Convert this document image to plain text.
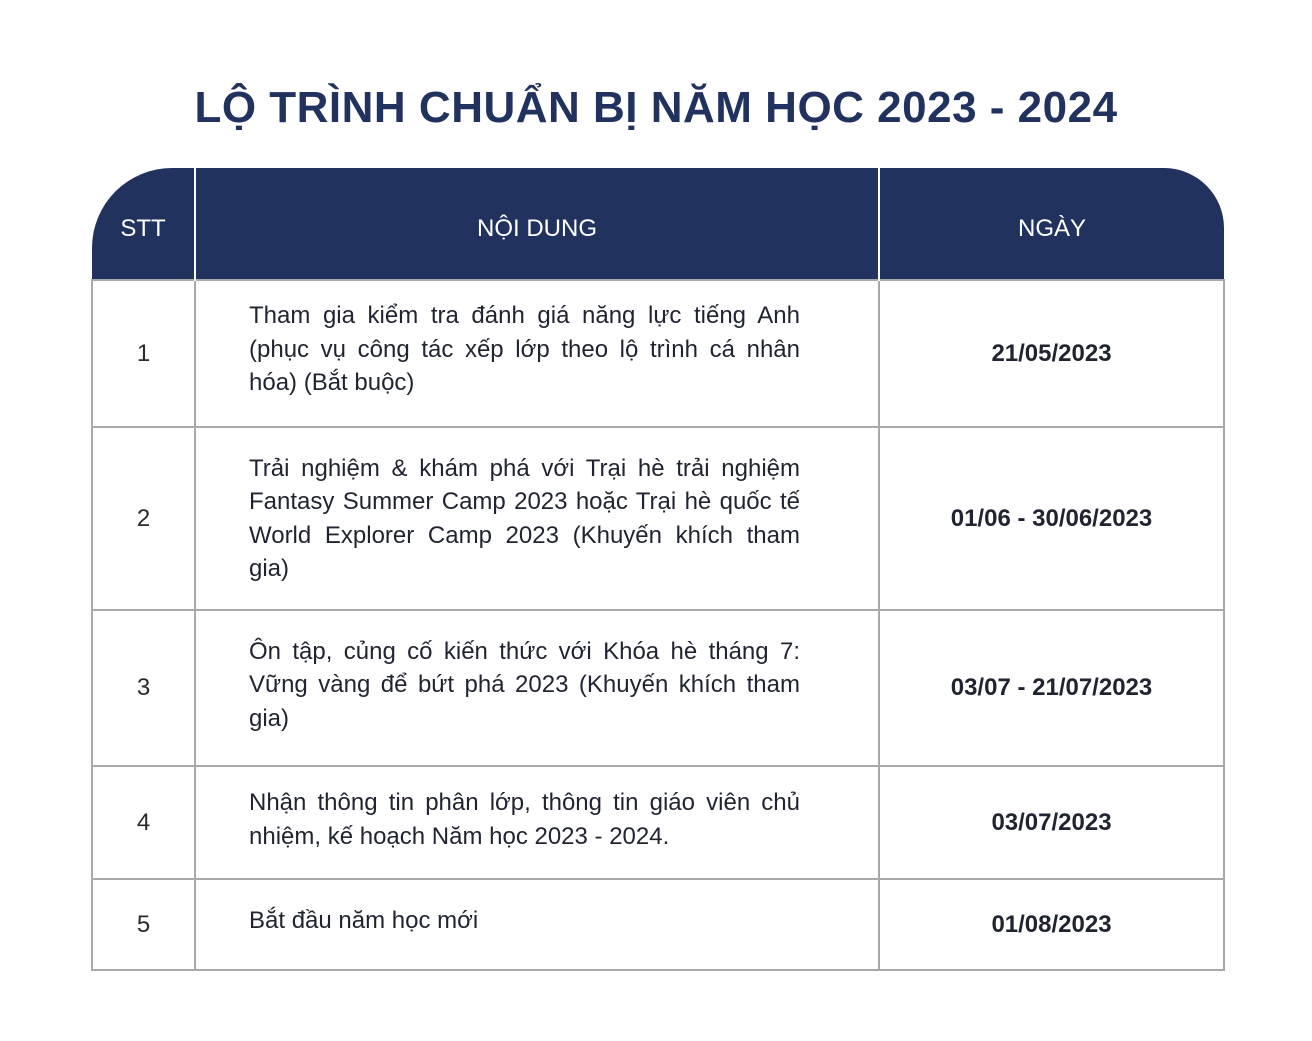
LỘ TRÌNH CHUẨN BỊ NĂM HỌC 2023 - 2024
STT	NỘI DUNG	NGÀY
1	Tham gia kiểm tra đánh giá năng lực tiếng Anh (phục vụ công tác xếp lớp theo lộ trình cá nhân hóa) (Bắt buộc)	21/05/2023
2	Trải nghiệm & khám phá với Trại hè trải nghiệm Fantasy Summer Camp 2023 hoặc Trại hè quốc tế World Explorer Camp 2023 (Khuyến khích tham gia)	01/06 - 30/06/2023
3	Ôn tập, củng cố kiến thức với Khóa hè tháng 7: Vững vàng để bứt phá 2023 (Khuyến khích tham gia)	03/07 - 21/07/2023
4	Nhận thông tin phân lớp, thông tin giáo viên chủ nhiệm, kế hoạch Năm học 2023 - 2024.	03/07/2023
5	Bắt đầu năm học mới	01/08/2023
